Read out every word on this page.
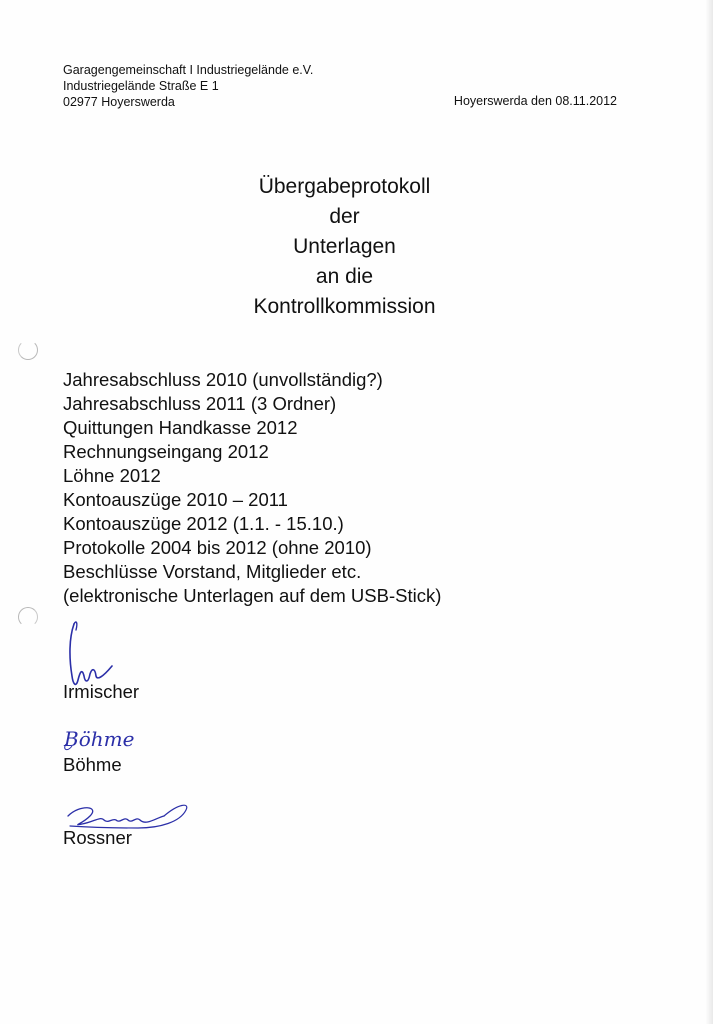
Garagengemeinschaft I Industriegelände e.V.
Industriegelände Straße E 1
02977 Hoyerswerda	Hoyerswerda den 08.11.2012
Übergabeprotokoll
der
Unterlagen
an die
Kontrollkommission
Jahresabschluss 2010 (unvollständig?)
Jahresabschluss 2011 (3 Ordner)
Quittungen Handkasse 2012
Rechnungseingang 2012
Löhne 2012
Kontoauszüge 2010 – 2011
Kontoauszüge 2012 (1.1. - 15.10.)
Protokolle 2004 bis 2012 (ohne 2010)
Beschlüsse Vorstand, Mitglieder etc.
(elektronische Unterlagen auf dem USB-Stick)
Irmischer
Böhme
Böhme
Rossner
